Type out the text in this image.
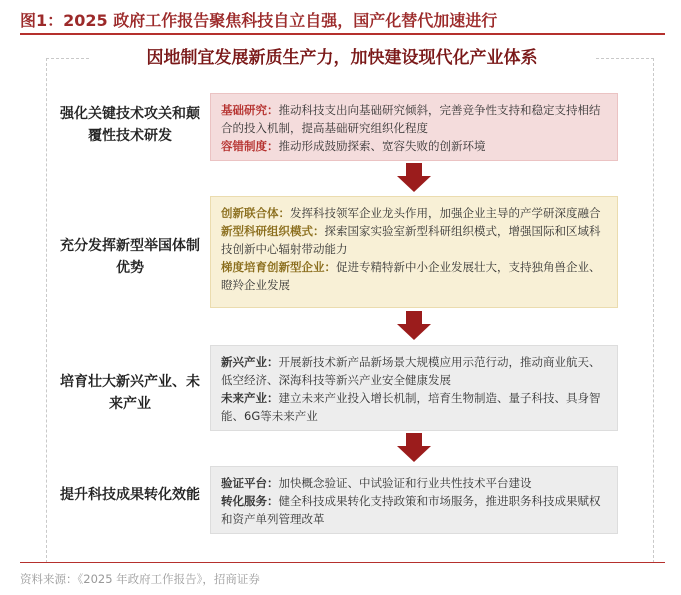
图1：2025 政府工作报告聚焦科技自立自强，国产化替代加速进行
因地制宜发展新质生产力，加快建设现代化产业体系
强化关键技术攻关和颠覆性技术研发
基础研究：推动科技支出向基础研究倾斜，完善竞争性支持和稳定支持相结合的投入机制，提高基础研究组织化程度
容错制度：推动形成鼓励探索、宽容失败的创新环境
充分发挥新型举国体制优势
创新联合体：发挥科技领军企业龙头作用，加强企业主导的产学研深度融合
新型科研组织模式：探索国家实验室新型科研组织模式，增强国际和区域科技创新中心辐射带动能力
梯度培育创新型企业：促进专精特新中小企业发展壮大，支持独角兽企业、瞪羚企业发展
培育壮大新兴产业、未来产业
新兴产业：开展新技术新产品新场景大规模应用示范行动，推动商业航天、低空经济、深海科技等新兴产业安全健康发展
未来产业：建立未来产业投入增长机制，培育生物制造、量子科技、具身智能、6G等未来产业
提升科技成果转化效能
验证平台：加快概念验证、中试验证和行业共性技术平台建设
转化服务：健全科技成果转化支持政策和市场服务，推进职务科技成果赋权和资产单列管理改革
资料来源：《2025 年政府工作报告》，招商证券
